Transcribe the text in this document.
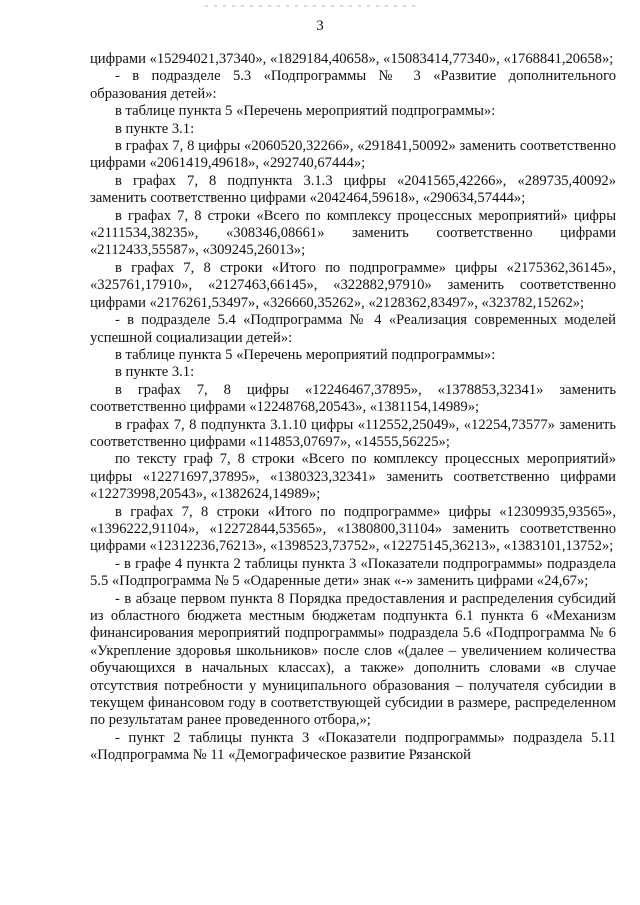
3

цифрами «15294021,37340», «1829184,40658», «15083414,77340», «1768841,20658»;

- в подразделе 5.3 «Подпрограммы № 3 «Развитие дополнительного образования детей»:

в таблице пункта 5 «Перечень мероприятий подпрограммы»:

в пункте 3.1:

в графах 7, 8 цифры «2060520,32266», «291841,50092» заменить соответственно цифрами «2061419,49618», «292740,67444»;

в графах 7, 8 подпункта 3.1.3 цифры «2041565,42266», «289735,40092» заменить соответственно цифрами «2042464,59618», «290634,57444»;

в графах 7, 8 строки «Всего по комплексу процессных мероприятий» цифры «2111534,38235», «308346,08661» заменить соответственно цифрами «2112433,55587», «309245,26013»;

в графах 7, 8 строки «Итого по подпрограмме» цифры «2175362,36145», «325761,17910», «2127463,66145», «322882,97910» заменить соответственно цифрами «2176261,53497», «326660,35262», «2128362,83497», «323782,15262»;

- в подразделе 5.4 «Подпрограмма № 4 «Реализация современных моделей успешной социализации детей»:

в таблице пункта 5 «Перечень мероприятий подпрограммы»:

в пункте 3.1:

в графах 7, 8 цифры «12246467,37895», «1378853,32341» заменить соответственно цифрами «12248768,20543», «1381154,14989»;

в графах 7, 8 подпункта 3.1.10 цифры «112552,25049», «12254,73577» заменить соответственно цифрами «114853,07697», «14555,56225»;

по тексту граф 7, 8 строки «Всего по комплексу процессных мероприятий» цифры «12271697,37895», «1380323,32341» заменить соответственно цифрами «12273998,20543», «1382624,14989»;

в графах 7, 8 строки «Итого по подпрограмме» цифры «12309935,93565», «1396222,91104», «12272844,53565», «1380800,31104» заменить соответственно цифрами «12312236,76213», «1398523,73752», «12275145,36213», «1383101,13752»;

- в графе 4 пункта 2 таблицы пункта 3 «Показатели подпрограммы» подраздела 5.5 «Подпрограмма № 5 «Одаренные дети» знак «-» заменить цифрами «24,67»;

- в абзаце первом пункта 8 Порядка предоставления и распределения субсидий из областного бюджета местным бюджетам подпункта 6.1 пункта 6 «Механизм финансирования мероприятий подпрограммы» подраздела 5.6 «Подпрограмма № 6 «Укрепление здоровья школьников» после слов «(далее – увеличением количества обучающихся в начальных классах), а также» дополнить словами «в случае отсутствия потребности у муниципального образования – получателя субсидии в текущем финансовом году в соответствующей субсидии в размере, распределенном по результатам ранее проведенного отбора,»;

- пункт 2 таблицы пункта 3 «Показатели подпрограммы» подраздела 5.11 «Подпрограмма № 11 «Демографическое развитие Рязанской
